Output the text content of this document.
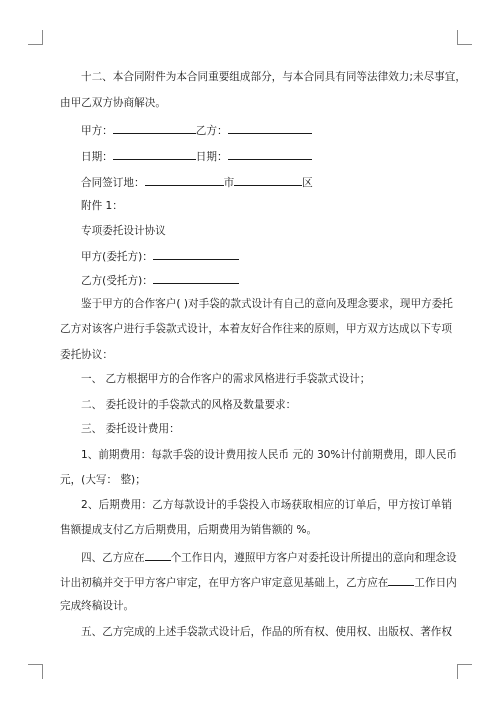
十二、本合同附件为本合同重要组成部分，与本合同具有同等法律效力;未尽事宜，
由甲乙双方协商解决。
甲方：	乙方：
日期：	日期：
合同签订地：	市	区
附件 1：
专项委托设计协议
甲方(委托方)：
乙方(受托方)：
鉴于甲方的合作客户( )对手袋的款式设计有自己的意向及理念要求，现甲方委托
乙方对该客户进行手袋款式设计，本着友好合作往来的原则，甲方双方达成以下专项
委托协议：
一、 乙方根据甲方的合作客户的需求风格进行手袋款式设计；
二、 委托设计的手袋款式的风格及数量要求：
三、 委托设计费用：
1、前期费用：每款手袋的设计费用按人民币 元的 30%计付前期费用，即人民币
元，(大写： 整)；
2、后期费用：乙方每款设计的手袋投入市场获取相应的订单后，甲方按订单销
售额提成支付乙方后期费用，后期费用为销售额的 %。
四、乙方应在 个工作日内，遵照甲方客户对委托设计所提出的意向和理念设
计出初稿并交于甲方客户审定，在甲方客户审定意见基础上，乙方应在 工作日内
完成终稿设计。
五、乙方完成的上述手袋款式设计后，作品的所有权、使用权、出版权、著作权
